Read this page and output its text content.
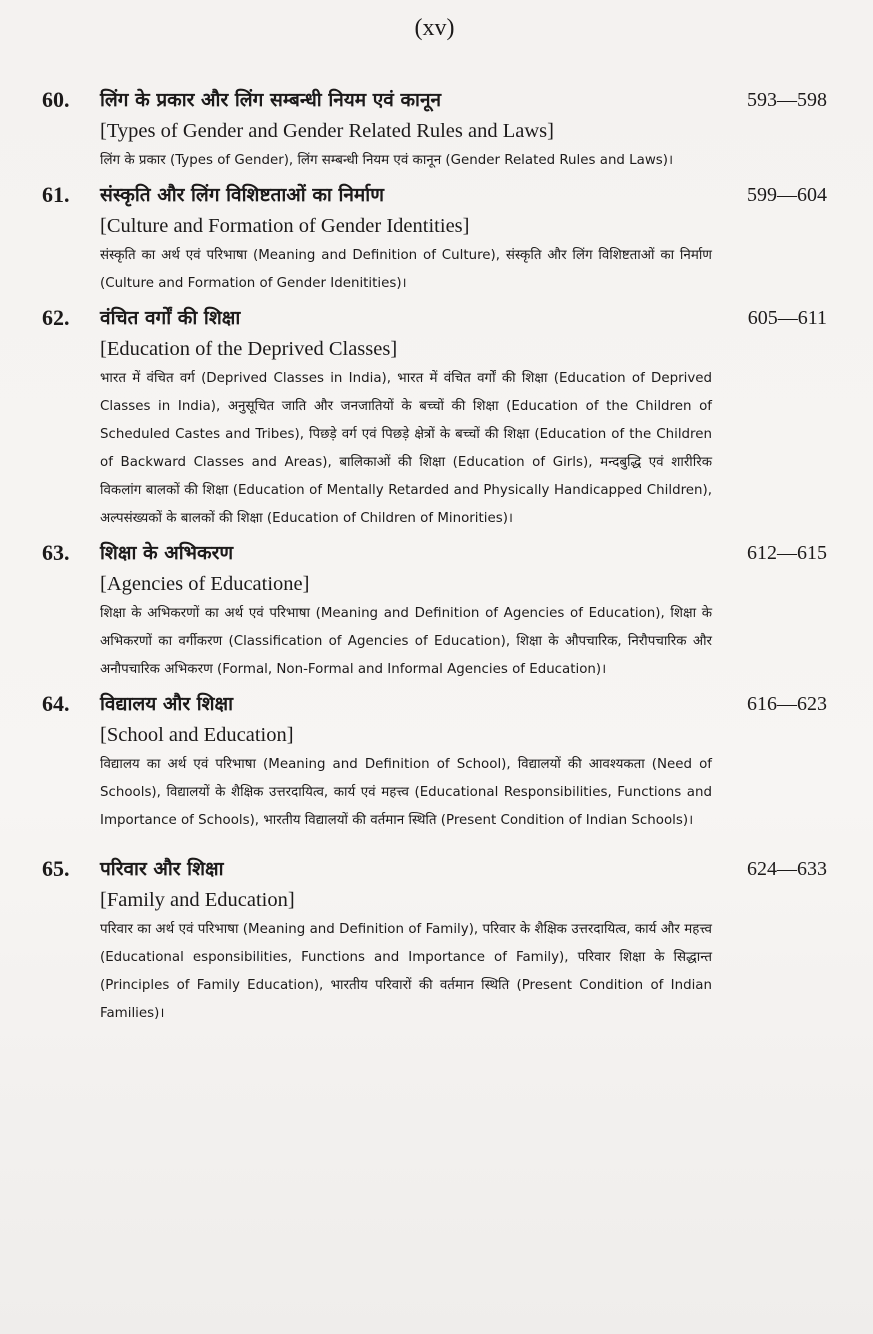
(xv)
60.	लिंग के प्रकार और लिंग सम्बन्धी नियम एवं कानून	593—598
[Types of Gender and Gender Related Rules and Laws]
लिंग के प्रकार (Types of Gender), लिंग सम्बन्धी नियम एवं कानून (Gender Related Rules and Laws)।
61.	संस्कृति और लिंग विशिष्टताओं का निर्माण	599—604
[Culture and Formation of Gender Identities]
संस्कृति का अर्थ एवं परिभाषा (Meaning and Definition of Culture), संस्कृति और लिंग विशिष्टताओं का निर्माण (Culture and Formation of Gender Idenitities)।
62.	वंचित वर्गों की शिक्षा	605—611
[Education of the Deprived Classes]
भारत में वंचित वर्ग (Deprived Classes in India), भारत में वंचित वर्गों की शिक्षा (Education of Deprived Classes in India), अनुसूचित जाति और जनजातियों के बच्चों की शिक्षा (Education of the Children of Scheduled Castes and Tribes), पिछड़े वर्ग एवं पिछड़े क्षेत्रों के बच्चों की शिक्षा (Education of the Children of Backward Classes and Areas), बालिकाओं की शिक्षा (Education of Girls), मन्दबुद्धि एवं शारीरिक विकलांग बालकों की शिक्षा (Education of Mentally Retarded and Physically Handicapped Children), अल्पसंख्यकों के बालकों की शिक्षा (Education of Children of Minorities)।
63.	शिक्षा के अभिकरण	612—615
[Agencies of Educatione]
शिक्षा के अभिकरणों का अर्थ एवं परिभाषा (Meaning and Definition of Agencies of Education), शिक्षा के अभिकरणों का वर्गीकरण (Classification of Agencies of Education), शिक्षा के औपचारिक, निरौपचारिक और अनौपचारिक अभिकरण (Formal, Non-Formal and Informal Agencies of Education)।
64.	विद्यालय और शिक्षा	616—623
[School and Education]
विद्यालय का अर्थ एवं परिभाषा (Meaning and Definition of School), विद्यालयों की आवश्यकता (Need of Schools), विद्यालयों के शैक्षिक उत्तरदायित्व, कार्य एवं महत्त्व (Educational Responsibilities, Functions and Importance of Schools), भारतीय विद्यालयों की वर्तमान स्थिति (Present Condition of Indian Schools)।
65.	परिवार और शिक्षा	624—633
[Family and Education]
परिवार का अर्थ एवं परिभाषा (Meaning and Definition of Family), परिवार के शैक्षिक उत्तरदायित्व, कार्य और महत्त्व (Educational esponsibilities, Functions and Importance of Family), परिवार शिक्षा के सिद्धान्त (Principles of Family Education), भारतीय परिवारों की वर्तमान स्थिति (Present Condition of Indian Families)।
